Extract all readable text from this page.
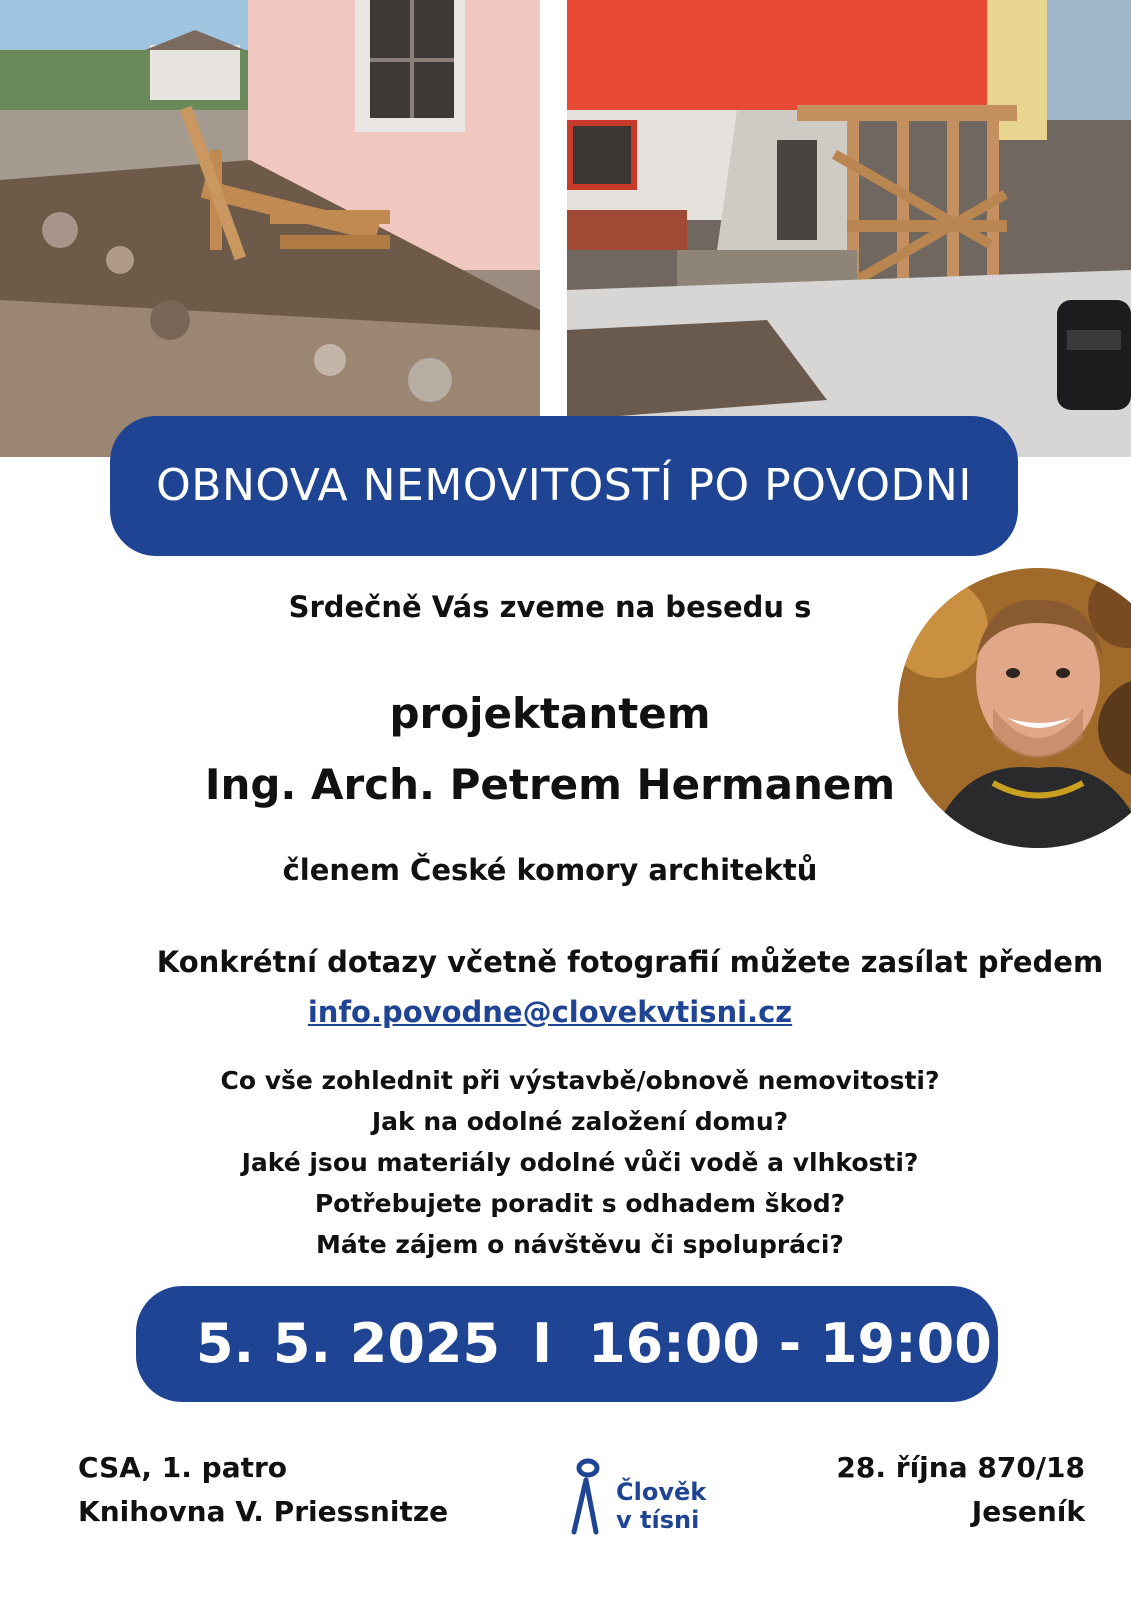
OBNOVA NEMOVITOSTÍ PO POVODNI
Srdečně Vás zveme na besedu s
projektantem
Ing. Arch. Petrem Hermanem
členem České komory architektů
Konkrétní dotazy včetně fotografií můžete zasílat předem
info.povodne@clovekvtisni.cz
Co vše zohlednit při výstavbě/obnově nemovitosti?
Jak na odolné založení domu?
Jaké jsou materiály odolné vůči vodě a vlhkosti?
Potřebujete poradit s odhadem škod?
Máte zájem o návštěvu či spolupráci?
5. 5. 2025 I 16:00 - 19:00
CSA, 1. patro
Knihovna V. Priessnitze
Člověk
v tísni
28. října 870/18
Jeseník
